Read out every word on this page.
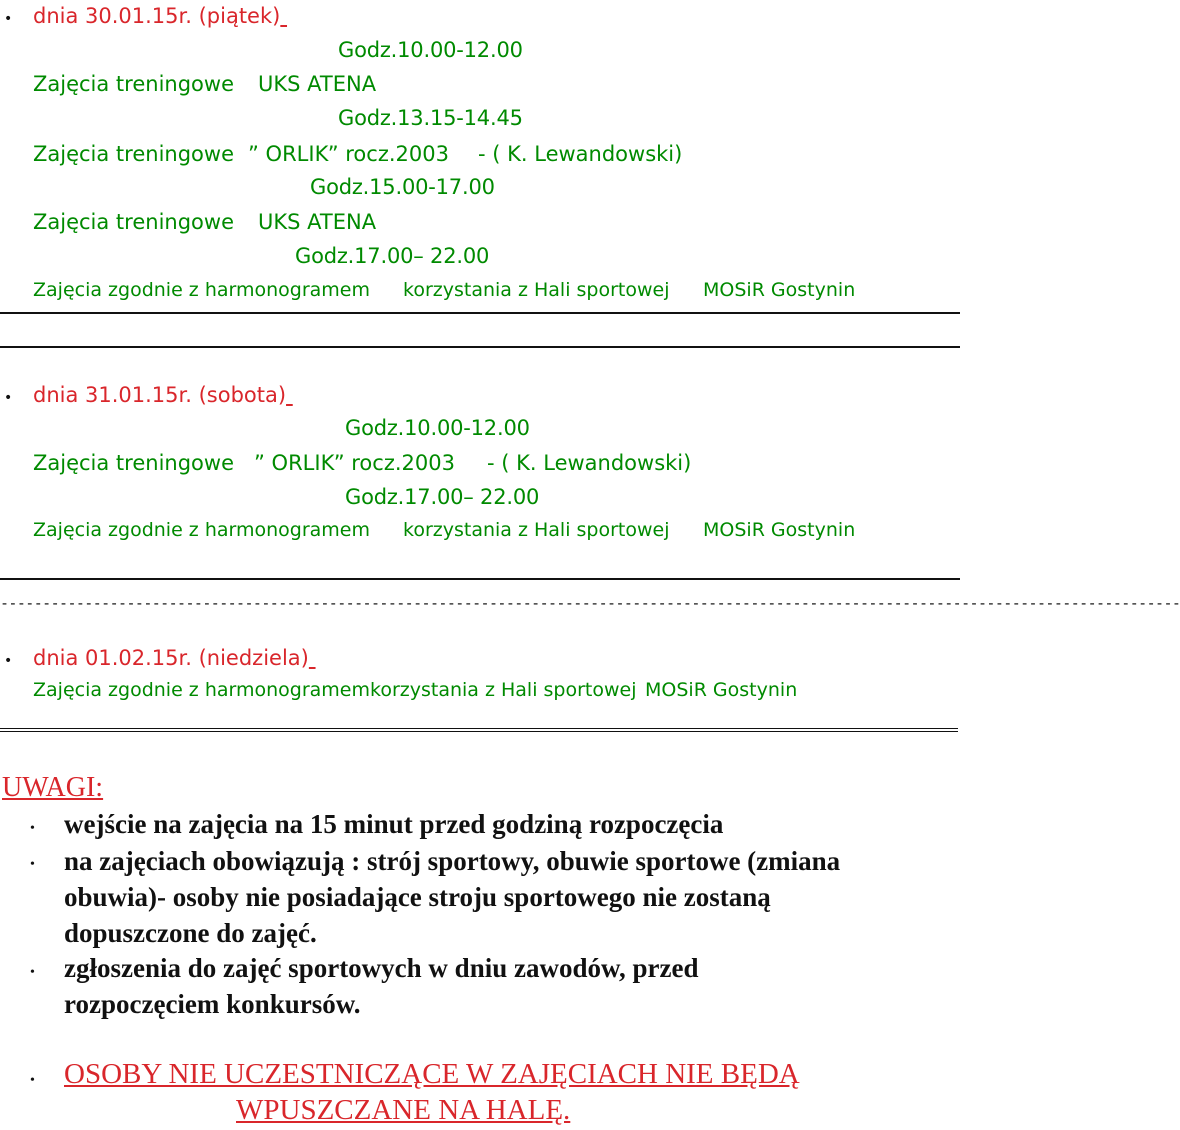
• dnia 30.01.15r. (piątek)
Godz.10.00-12.00
Zajęcia treningowe UKS ATENA
Godz.13.15-14.45
Zajęcia treningowe ” ORLIK” rocz.2003 - ( K. Lewandowski)
Godz.15.00-17.00
Zajęcia treningowe UKS ATENA
Godz.17.00– 22.00
Zajęcia zgodnie z harmonogramem korzystania z Hali sportowej MOSiR Gostynin
• dnia 31.01.15r. (sobota)
Godz.10.00-12.00
Zajęcia treningowe ” ORLIK” rocz.2003 - ( K. Lewandowski)
Godz.17.00– 22.00
Zajęcia zgodnie z harmonogramem korzystania z Hali sportowej MOSiR Gostynin
--------------------------------------------------------------------------------------------------------------------------------------------
• dnia 01.02.15r. (niedziela)
Zajęcia zgodnie z harmonogramem korzystania z Hali sportowej MOSiR Gostynin
UWAGI:
• wejście na zajęcia na 15 minut przed godziną rozpoczęcia
• na zajęciach obowiązują : strój sportowy, obuwie sportowe (zmiana
obuwia)- osoby nie posiadające stroju sportowego nie zostaną
dopuszczone do zajęć.
• zgłoszenia do zajęć sportowych w dniu zawodów, przed
rozpoczęciem konkursów.
• OSOBY NIE UCZESTNICZĄCE W ZAJĘCIACH NIE BĘDĄ
WPUSZCZANE NA HALĘ.
